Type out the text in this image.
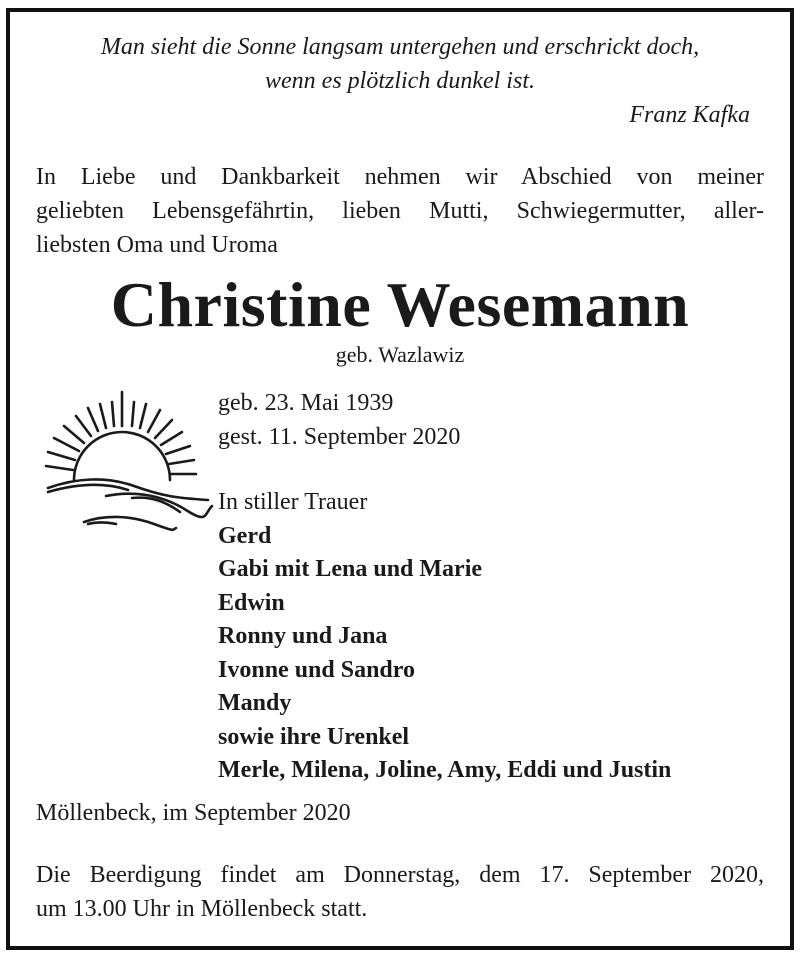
Man sieht die Sonne langsam untergehen und erschrickt doch,
wenn es plötzlich dunkel ist.
Franz Kafka
In Liebe und Dankbarkeit nehmen wir Abschied von meiner
geliebten Lebensgefährtin, lieben Mutti, Schwiegermutter, aller-
liebsten Oma und Uroma
Christine Wesemann
geb. Wazlawiz
geb. 23. Mai 1939
gest. 11. September 2020
In stiller Trauer
Gerd
Gabi mit Lena und Marie
Edwin
Ronny und Jana
Ivonne und Sandro
Mandy
sowie ihre Urenkel
Merle, Milena, Joline, Amy, Eddi und Justin
Möllenbeck, im September 2020
Die Beerdigung findet am Donnerstag, dem 17. September 2020,
um 13.00 Uhr in Möllenbeck statt.
